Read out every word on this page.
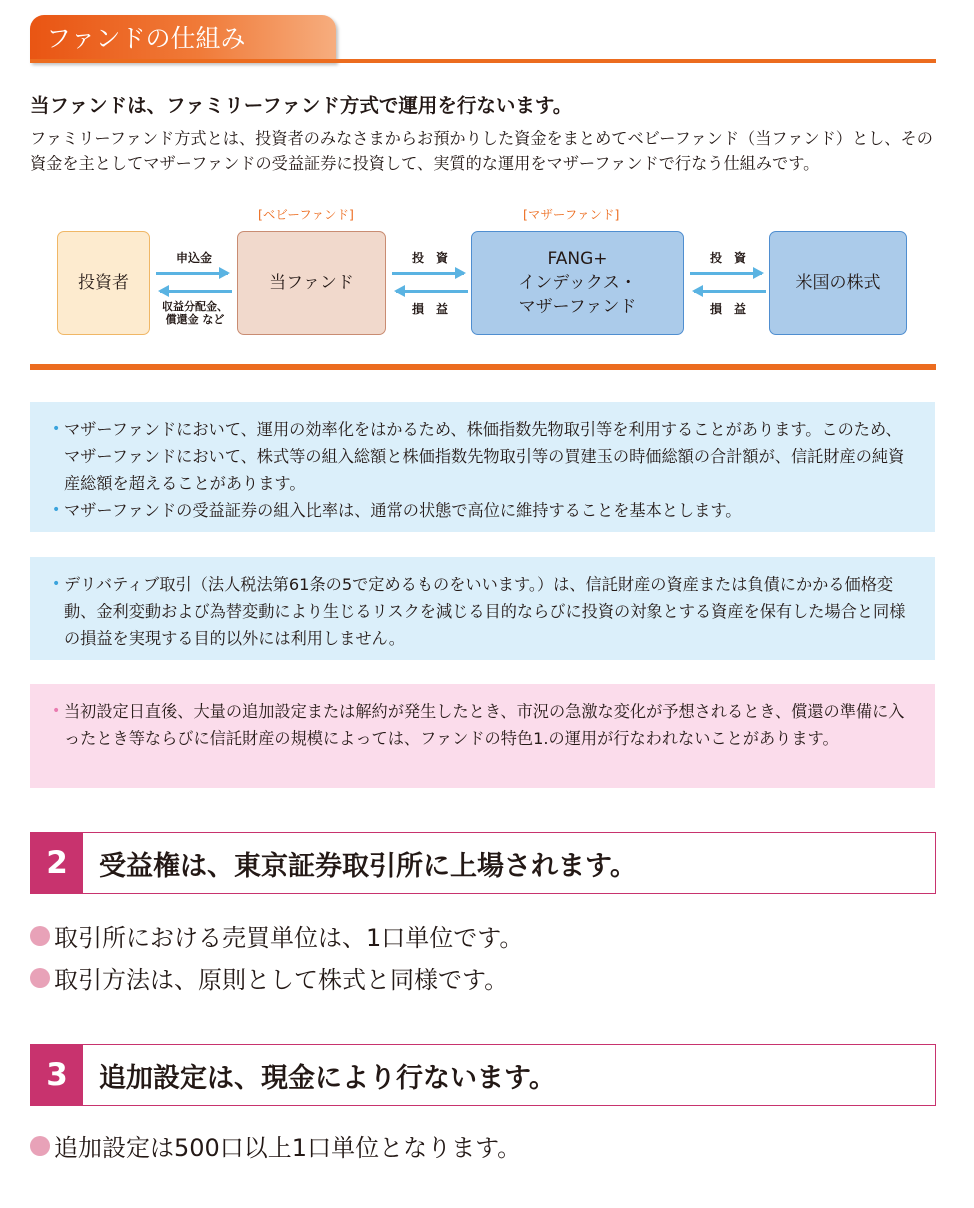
ファンドの仕組み
当ファンドは、ファミリーファンド方式で運用を行ないます。
ファミリーファンド方式とは、投資者のみなさまからお預かりした資金をまとめてベビーファンド（当ファンド）とし、その資金を主としてマザーファンドの受益証券に投資して、実質的な運用をマザーファンドで行なう仕組みです。
[ベビーファンド]	[マザーファンド]
投資者	当ファンド
FANG+
インデックス・
マザーファンド
米国の株式
申込金
収益分配金、
償還金 など
投　資
損　益
投　資
損　益
• マザーファンドにおいて、運用の効率化をはかるため、株価指数先物取引等を利用することがあります。このため、マザーファンドにおいて、株式等の組入総額と株価指数先物取引等の買建玉の時価総額の合計額が、信託財産の純資産総額を超えることがあります。
• マザーファンドの受益証券の組入比率は、通常の状態で高位に維持することを基本とします。
• デリバティブ取引（法人税法第61条の5で定めるものをいいます。）は、信託財産の資産または負債にかかる価格変動、金利変動および為替変動により生じるリスクを減じる目的ならびに投資の対象とする資産を保有した場合と同様の損益を実現する目的以外には利用しません。
• 当初設定日直後、大量の追加設定または解約が発生したとき、市況の急激な変化が予想されるとき、償還の準備に入ったとき等ならびに信託財産の規模によっては、ファンドの特色1.の運用が行なわれないことがあります。
2	受益権は、東京証券取引所に上場されます。
取引所における売買単位は、1口単位です。
取引方法は、原則として株式と同様です。
3	追加設定は、現金により行ないます。
追加設定は500口以上1口単位となります。
